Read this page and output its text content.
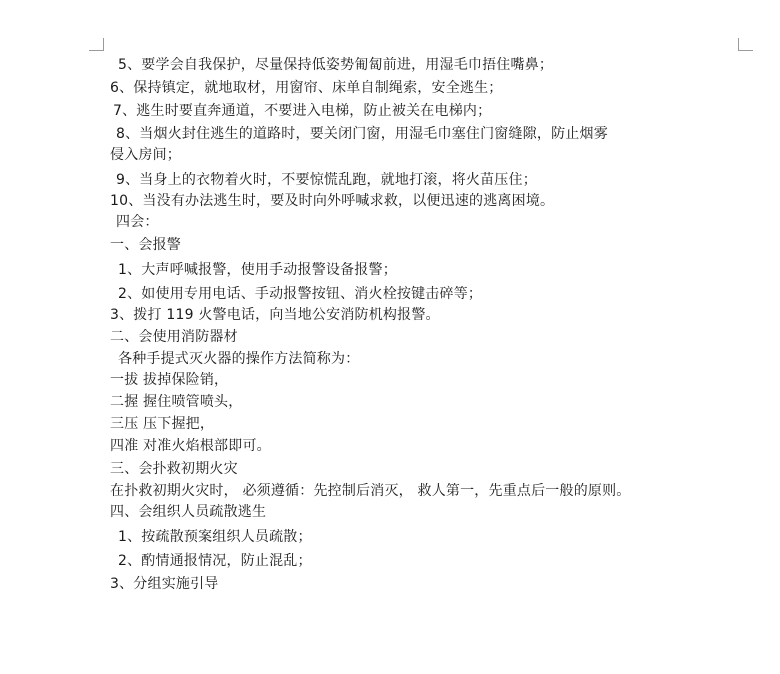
5、要学会自我保护，尽量保持低姿势匍匐前进，用湿毛巾捂住嘴鼻；
6、保持镇定，就地取材，用窗帘、床单自制绳索，安全逃生；
7、逃生时要直奔通道，不要进入电梯，防止被关在电梯内；
8、当烟火封住逃生的道路时，要关闭门窗，用湿毛巾塞住门窗缝隙，防止烟雾
侵入房间；
9、当身上的衣物着火时，不要惊慌乱跑，就地打滚，将火苗压住；
10、当没有办法逃生时，要及时向外呼喊求救，以便迅速的逃离困境。
四会：
一、会报警
1、大声呼喊报警，使用手动报警设备报警；
2、如使用专用电话、手动报警按钮、消火栓按键击碎等；
3、拨打 119 火警电话，向当地公安消防机构报警。
二、会使用消防器材
各种手提式灭火器的操作方法简称为：
一拔 拔掉保险销，
二握 握住喷管喷头，
三压 压下握把，
四准 对准火焰根部即可。
三、会扑救初期火灾
在扑救初期火灾时， 必须遵循：先控制后消灭， 救人第一，先重点后一般的原则。
四、会组织人员疏散逃生
1、按疏散预案组织人员疏散；
2、酌情通报情况，防止混乱；
3、分组实施引导
